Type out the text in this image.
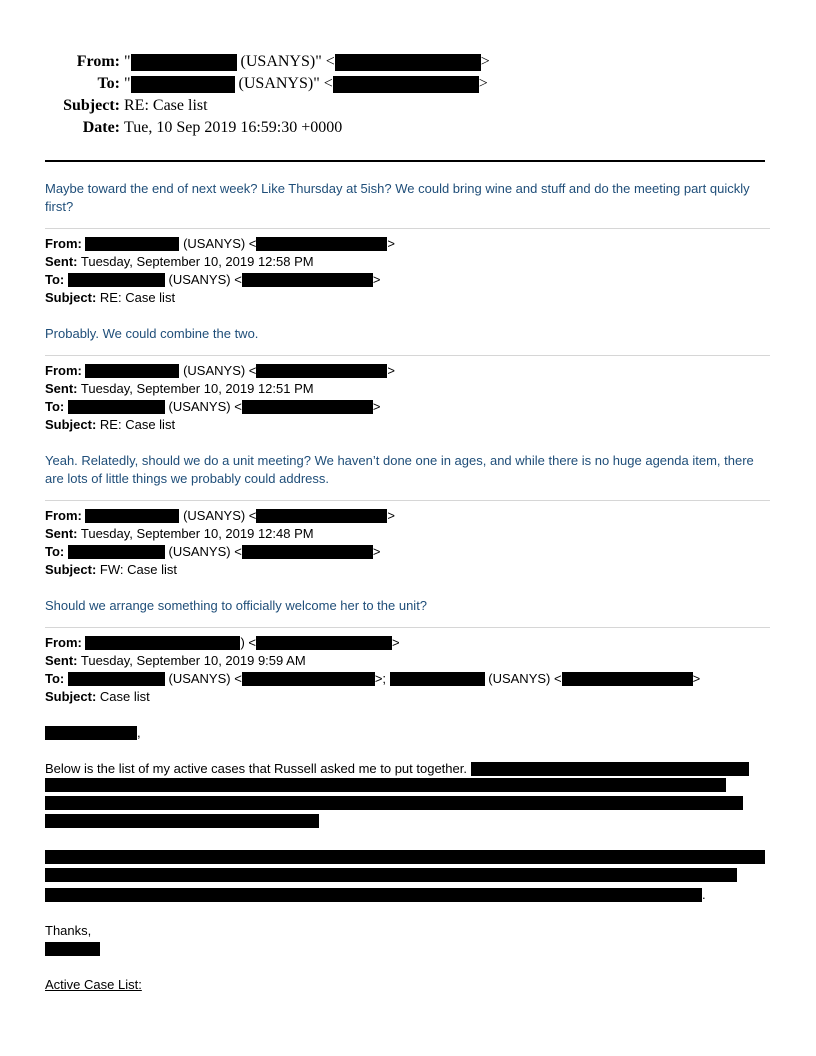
From: "	(USANYS)" <	>
To: "	(USANYS)" <	>
Subject: RE: Case list
Date: Tue, 10 Sep 2019 16:59:30 +0000
Maybe toward the end of next week? Like Thursday at 5ish? We could bring wine and stuff and do the meeting part quickly first?
From:	(USANYS) <	>
Sent: Tuesday, September 10, 2019 12:58 PM
To:	(USANYS) <	>
Subject: RE: Case list
Probably. We could combine the two.
From:	(USANYS) <	>
Sent: Tuesday, September 10, 2019 12:51 PM
To:	(USANYS) <	>
Subject: RE: Case list
Yeah. Relatedly, should we do a unit meeting? We haven’t done one in ages, and while there is no huge agenda item, there are lots of little things we probably could address.
From:	(USANYS) <	>
Sent: Tuesday, September 10, 2019 12:48 PM
To:	(USANYS) <	>
Subject: FW: Case list
Should we arrange something to officially welcome her to the unit?
From:	) <	>
Sent: Tuesday, September 10, 2019 9:59 AM
To:	(USANYS) <	>;	(USANYS) <	>
Subject: Case list
,
Below is the list of my active cases that Russell asked me to put together.
.
Thanks,
Active Case List:
